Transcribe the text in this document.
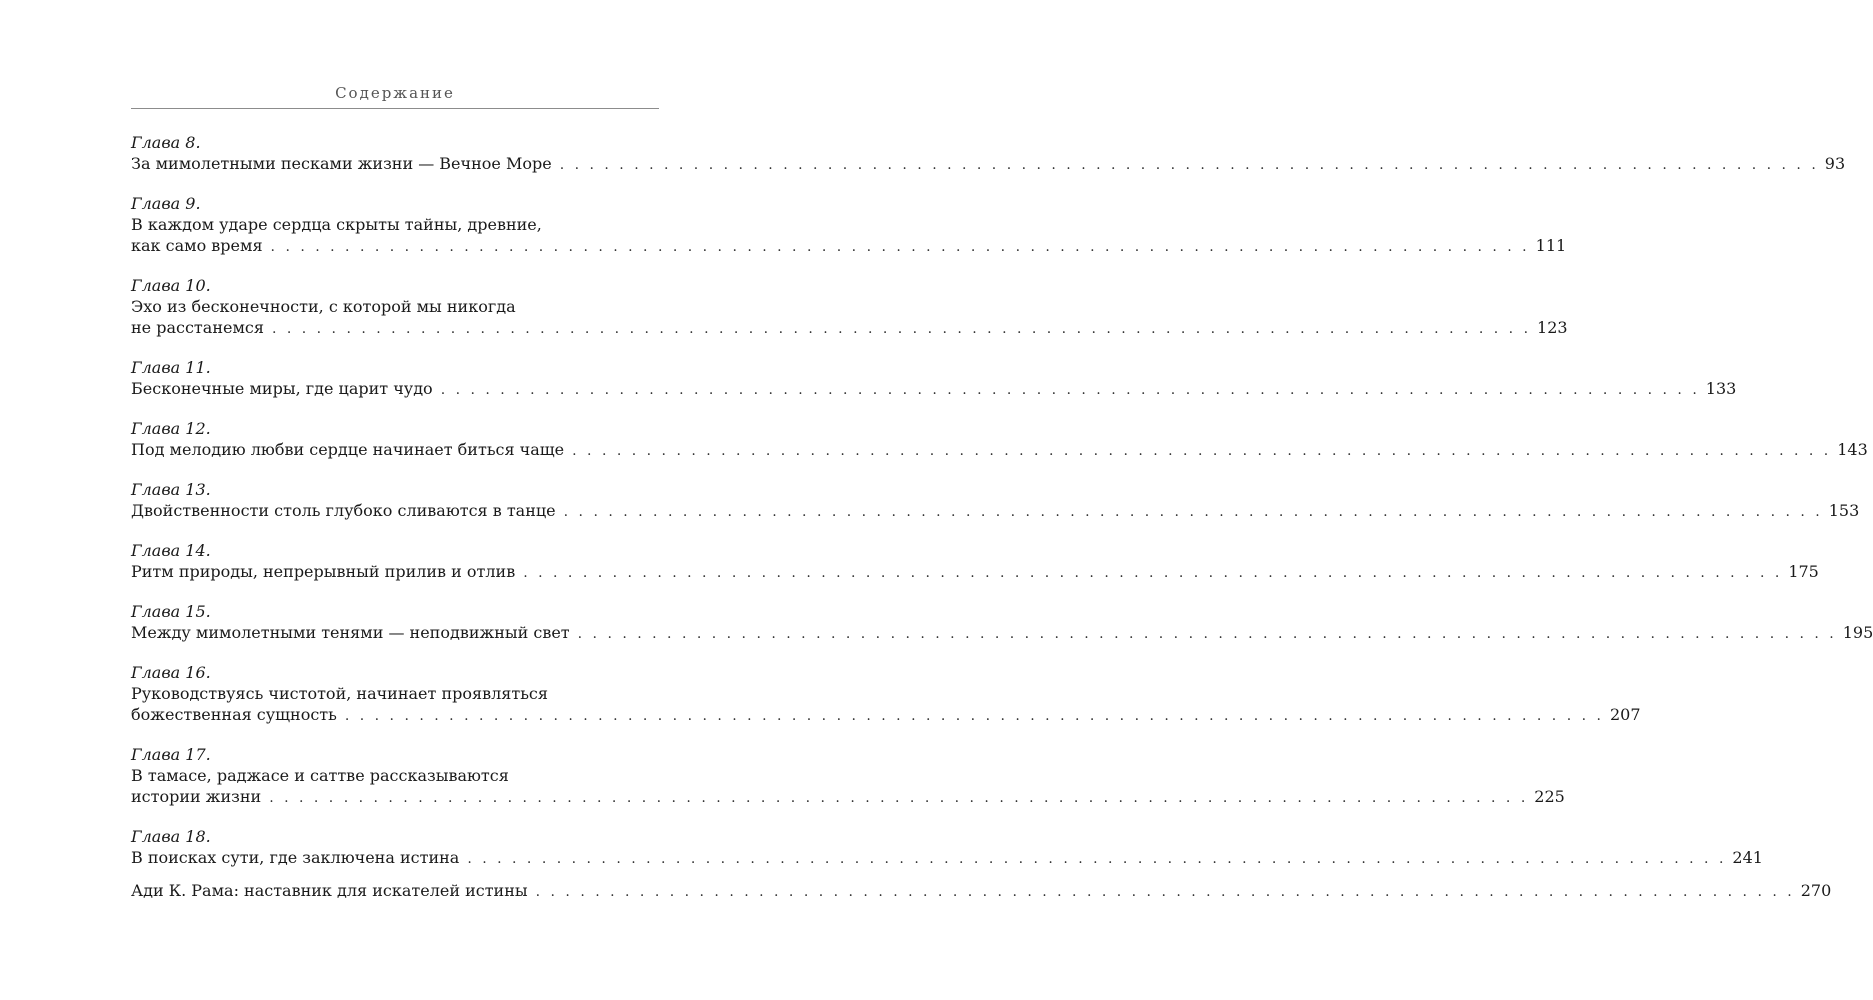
Содержание
Глава 8.
За мимолетными песками жизни — Вечное Море . . . . . . . . . . . . . . . . . . . . . . . . . . . . . . . . . . . . . . . . . . . . . . . . . . . . . . . . . . . . . . . . . . . . . . . . . . . . . . . . . . . . . 93
Глава 9.
В каждом ударе сердца скрыты тайны, древние,
как само время . . . . . . . . . . . . . . . . . . . . . . . . . . . . . . . . . . . . . . . . . . . . . . . . . . . . . . . . . . . . . . . . . . . . . . . . . . . . . . . . . . . . . 111
Глава 10.
Эхо из бесконечности, с которой мы никогда
не расстанемся . . . . . . . . . . . . . . . . . . . . . . . . . . . . . . . . . . . . . . . . . . . . . . . . . . . . . . . . . . . . . . . . . . . . . . . . . . . . . . . . . . . . . 123
Глава 11.
Бесконечные миры, где царит чудо . . . . . . . . . . . . . . . . . . . . . . . . . . . . . . . . . . . . . . . . . . . . . . . . . . . . . . . . . . . . . . . . . . . . . . . . . . . . . . . . . . . . . 133
Глава 12.
Под мелодию любви сердце начинает биться чаще . . . . . . . . . . . . . . . . . . . . . . . . . . . . . . . . . . . . . . . . . . . . . . . . . . . . . . . . . . . . . . . . . . . . . . . . . . . . . . . . . . . . . 143
Глава 13.
Двойственности столь глубоко сливаются в танце . . . . . . . . . . . . . . . . . . . . . . . . . . . . . . . . . . . . . . . . . . . . . . . . . . . . . . . . . . . . . . . . . . . . . . . . . . . . . . . . . . . . . 153
Глава 14.
Ритм природы, непрерывный прилив и отлив . . . . . . . . . . . . . . . . . . . . . . . . . . . . . . . . . . . . . . . . . . . . . . . . . . . . . . . . . . . . . . . . . . . . . . . . . . . . . . . . . . . . . 175
Глава 15.
Между мимолетными тенями — неподвижный свет . . . . . . . . . . . . . . . . . . . . . . . . . . . . . . . . . . . . . . . . . . . . . . . . . . . . . . . . . . . . . . . . . . . . . . . . . . . . . . . . . . . . . 195
Глава 16.
Руководствуясь чистотой, начинает проявляться
божественная сущность . . . . . . . . . . . . . . . . . . . . . . . . . . . . . . . . . . . . . . . . . . . . . . . . . . . . . . . . . . . . . . . . . . . . . . . . . . . . . . . . . . . . . 207
Глава 17.
В тамасе, раджасе и саттве рассказываются
истории жизни . . . . . . . . . . . . . . . . . . . . . . . . . . . . . . . . . . . . . . . . . . . . . . . . . . . . . . . . . . . . . . . . . . . . . . . . . . . . . . . . . . . . . 225
Глава 18.
В поисках сути, где заключена истина . . . . . . . . . . . . . . . . . . . . . . . . . . . . . . . . . . . . . . . . . . . . . . . . . . . . . . . . . . . . . . . . . . . . . . . . . . . . . . . . . . . . . 241
Ади К. Рама: наставник для искателей истины . . . . . . . . . . . . . . . . . . . . . . . . . . . . . . . . . . . . . . . . . . . . . . . . . . . . . . . . . . . . . . . . . . . . . . . . . . . . . . . . . . . . . 270
